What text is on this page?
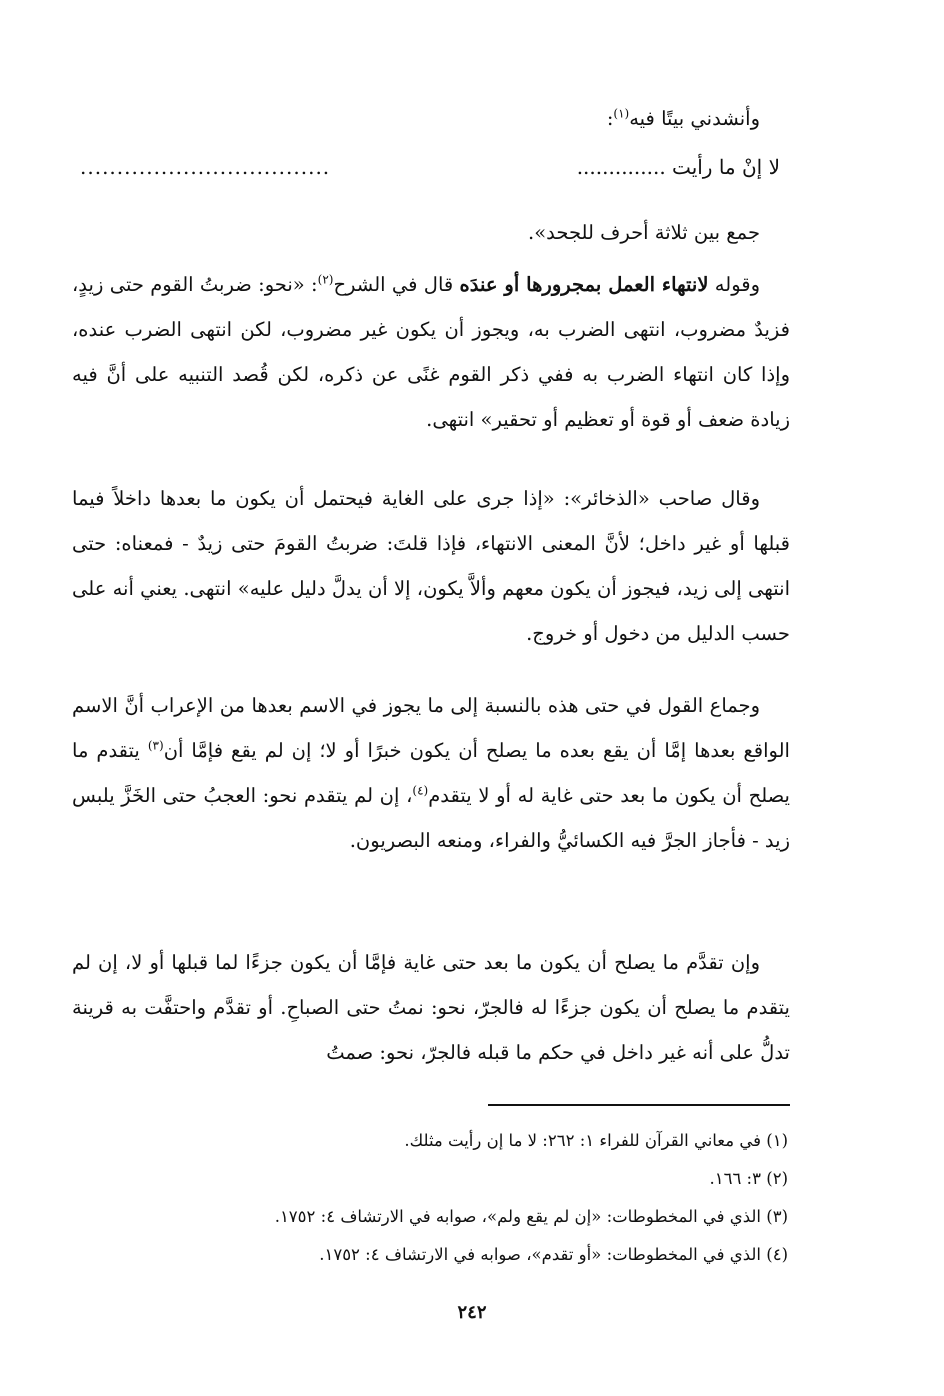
وأنشدني بيتًا فيه$^{(١)}$:

لا إنْ ما رأيت ..............
..................................

جمع بين ثلاثة أحرف للجحد».

وقوله لانتهاء العمل بمجرورها أو عندَه قال في الشرح$^{(٢)}$: «نحو: ضربتُ القوم حتى زيدٍ، فزيدٌ مضروب، انتهى الضرب به، ويجوز أن يكون غير مضروب، لكن انتهى الضرب عنده، وإذا كان انتهاء الضرب به ففي ذكر القوم غنًى عن ذكره، لكن قُصد التنبيه على أنَّ فيه زيادة ضعف أو قوة أو تعظيم أو تحقير» انتهى.

وقال صاحب «الذخائر»: «إذا جرى على الغاية فيحتمل أن يكون ما بعدها داخلاً فيما قبلها أو غير داخل؛ لأنَّ المعنى الانتهاء، فإذا قلتَ: ضربتُ القومَ حتى زيدٌ - فمعناه: حتى انتهى إلى زيد، فيجوز أن يكون معهم وألاَّ يكون، إلا أن يدلَّ دليل عليه» انتهى. يعني أنه على حسب الدليل من دخول أو خروج.

وجماع القول في حتى هذه بالنسبة إلى ما يجوز في الاسم بعدها من الإعراب أنَّ الاسم الواقع بعدها إمَّا أن يقع بعده ما يصلح أن يكون خبرًا أو لا؛ إن لم يقع فإمَّا أن$^{(٣)}$ يتقدم ما يصلح أن يكون ما بعد حتى غاية له أو لا يتقدم$^{(٤)}$، إن لم يتقدم نحو: العجبُ حتى الخَزَّ يلبس زيد - فأجاز الجرَّ فيه الكسائيُّ والفراء، ومنعه البصريون.

وإن تقدَّم ما يصلح أن يكون ما بعد حتى غاية فإمَّا أن يكون جزءًا لما قبلها أو لا، إن لم يتقدم ما يصلح أن يكون جزءًا له فالجرّ، نحو: نمتُ حتى الصباحِ. أو تقدَّم واحتفَّت به قرينة تدلُّ على أنه غير داخل في حكم ما قبله فالجرّ، نحو: صمتُ

(١) في معاني القرآن للفراء ١: ٢٦٢: لا ما إن رأيت مثلك.

(٢) ٣: ١٦٦.

(٣) الذي في المخطوطات: «إن لم يقع ولم»، صوابه في الارتشاف ٤: ١٧٥٢.

(٤) الذي في المخطوطات: «أو تقدم»، صوابه في الارتشاف ٤: ١٧٥٢.

٢٤٢
